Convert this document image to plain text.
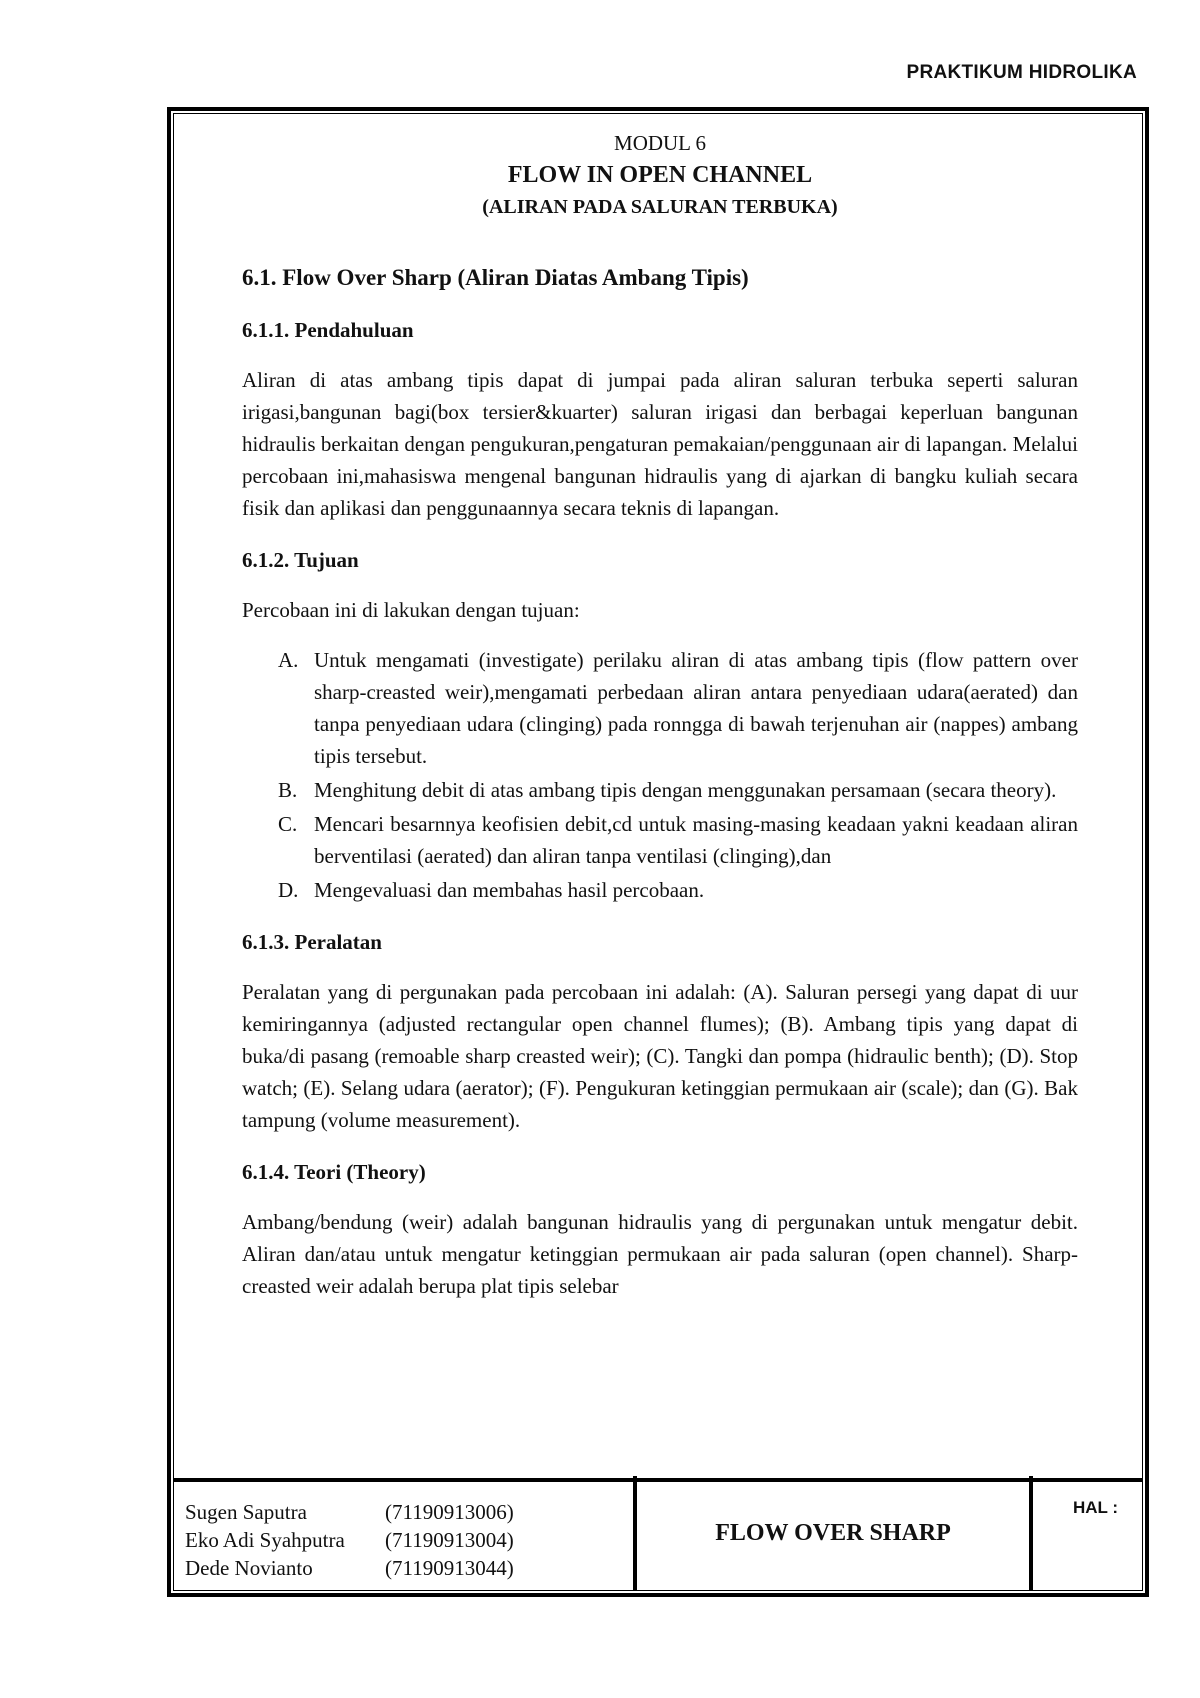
PRAKTIKUM HIDROLIKA
MODUL 6
FLOW IN OPEN CHANNEL
(ALIRAN PADA SALURAN TERBUKA)
6.1. Flow Over Sharp (Aliran Diatas Ambang Tipis)
6.1.1. Pendahuluan

Aliran di atas ambang tipis dapat di jumpai pada aliran saluran terbuka seperti saluran irigasi,bangunan bagi(box tersier&kuarter) saluran irigasi dan berbagai keperluan bangunan hidraulis berkaitan dengan pengukuran,pengaturan pemakaian/penggunaan air di lapangan. Melalui percobaan ini,mahasiswa mengenal bangunan hidraulis yang di ajarkan di bangku kuliah secara fisik dan aplikasi dan penggunaannya secara teknis di lapangan.

6.1.2. Tujuan

Percobaan ini di lakukan dengan tujuan:

A. Untuk mengamati (investigate) perilaku aliran di atas ambang tipis (flow pattern over sharp-creasted weir),mengamati perbedaan aliran antara penyediaan udara(aerated) dan tanpa penyediaan udara (clinging) pada ronngga di bawah terjenuhan air (nappes) ambang tipis tersebut.
B. Menghitung debit di atas ambang tipis dengan menggunakan persamaan (secara theory).
C. Mencari besarnnya keofisien debit,cd untuk masing-masing keadaan yakni keadaan aliran berventilasi (aerated) dan aliran tanpa ventilasi (clinging),dan
D. Mengevaluasi dan membahas hasil percobaan.
6.1.3. Peralatan

Peralatan yang di pergunakan pada percobaan ini adalah: (A). Saluran persegi yang dapat di uur kemiringannya (adjusted rectangular open channel flumes); (B). Ambang tipis yang dapat di buka/di pasang (remoable sharp creasted weir); (C). Tangki dan pompa (hidraulic benth); (D). Stop watch; (E). Selang udara (aerator); (F). Pengukuran ketinggian permukaan air (scale); dan (G). Bak tampung (volume measurement).

6.1.4. Teori (Theory)

Ambang/bendung (weir) adalah bangunan hidraulis yang di pergunakan untuk mengatur debit. Aliran dan/atau untuk mengatur ketinggian permukaan air pada saluran (open channel). Sharp-creasted weir adalah berupa plat tipis selebar

Sugen Saputra	(71190913006)
Eko Adi Syahputra	(71190913004)
Dede Novianto	(71190913044)
FLOW OVER SHARP
HAL :
